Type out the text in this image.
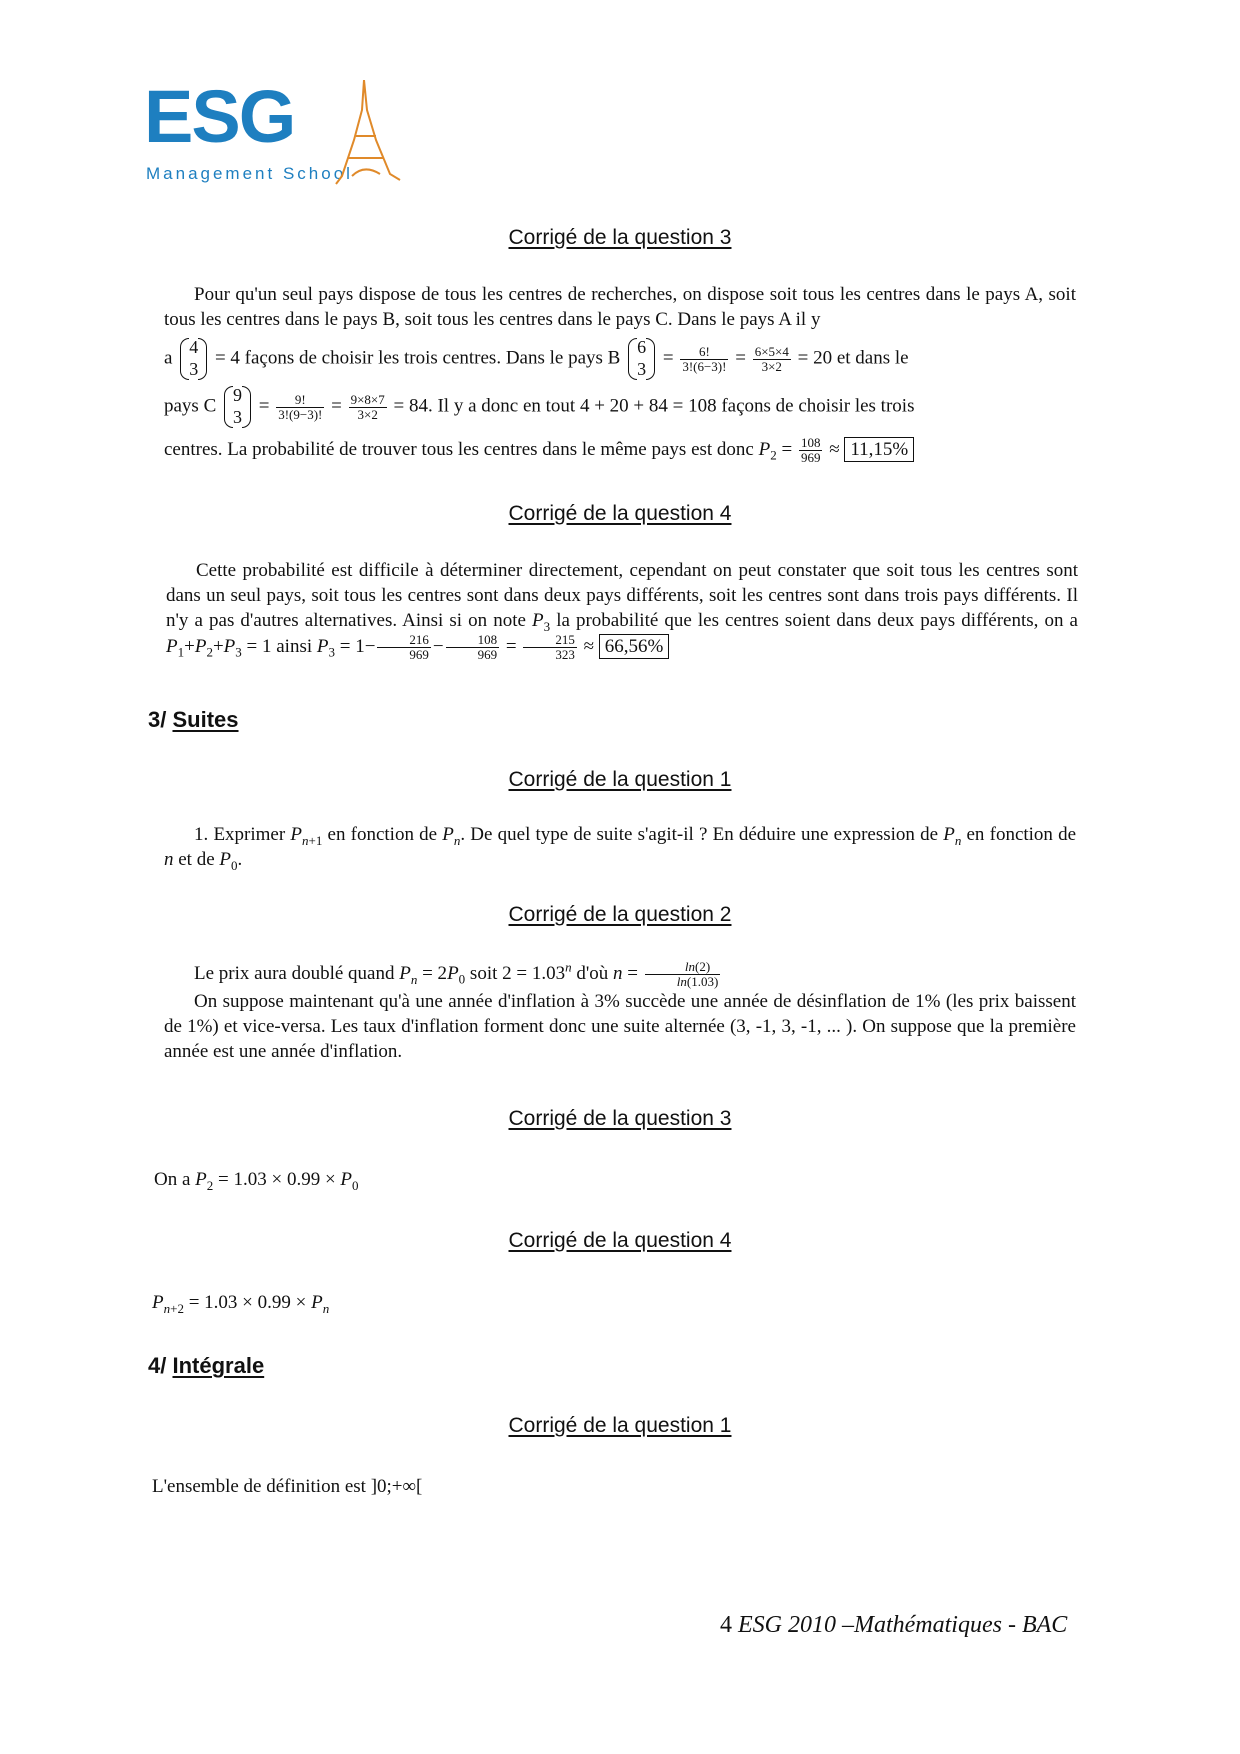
ESG
Management School
Corrigé de la question 3

Pour qu'un seul pays dispose de tous les centres de recherches, on dispose soit tous les centres dans le pays A, soit tous les centres dans le pays B, soit tous les centres dans le pays C. Dans le pays A il y

a
4
3
= 4 façons de choisir les trois centres. Dans le pays B
6
3
= $\frac{6!}{3!(6-3)!} = \frac{6\times 5\times 4}{3\times 2} = 20$ et dans le

pays C
9
3
= $\frac{9!}{3!(9-3)!} = \frac{9\times 8\times 7}{3\times 2} = 84$. Il y a donc en tout 4 + 20 + 84 = 108 façons de choisir les trois

centres. La probabilité de trouver tous les centres dans le même pays est donc $P_2 = \frac{108}{969} \approx 11,15\%$

Corrigé de la question 4

Cette probabilité est difficile à déterminer directement, cependant on peut constater que soit tous les centres sont dans un seul pays, soit tous les centres sont dans deux pays différents, soit les centres sont dans trois pays différents. Il n'y a pas d'autres alternatives. Ainsi si on note $P_3$ la probabilité que les centres soient dans deux pays différents, on a $P_1+P_2+P_3 = 1$ ainsi $P_3 = 1- \frac{216}{969} - \frac{108}{969} = \frac{215}{323} \approx 66,56\%$

3/ Suites
Corrigé de la question 1

1. Exprimer $P_{n+1}$ en fonction de $P_n$. De quel type de suite s'agit-il ? En déduire une expression de $P_n$ en fonction de n et de $P_0$.

Corrigé de la question 2

Le prix aura doublé quand $P_n = 2P_0$ soit $2 = 1.03^n$ d'où $n = \frac{\ln(2)}{\ln(1.03)}$

On suppose maintenant qu'à une année d'inflation à 3% succède une année de désinflation de 1% (les prix baissent de 1%) et vice-versa. Les taux d'inflation forment donc une suite alternée (3, -1, 3, -1, ... ). On suppose que la première année est une année d'inflation.

Corrigé de la question 3

On a $P_2 = 1.03 \times 0.99 \times P_0$

Corrigé de la question 4

$P_{n+2} = 1.03 \times 0.99 \times P_n$

4/ Intégrale
Corrigé de la question 1

L'ensemble de définition est ]0;+∞[

4 ESG 2010 –Mathématiques - BAC
